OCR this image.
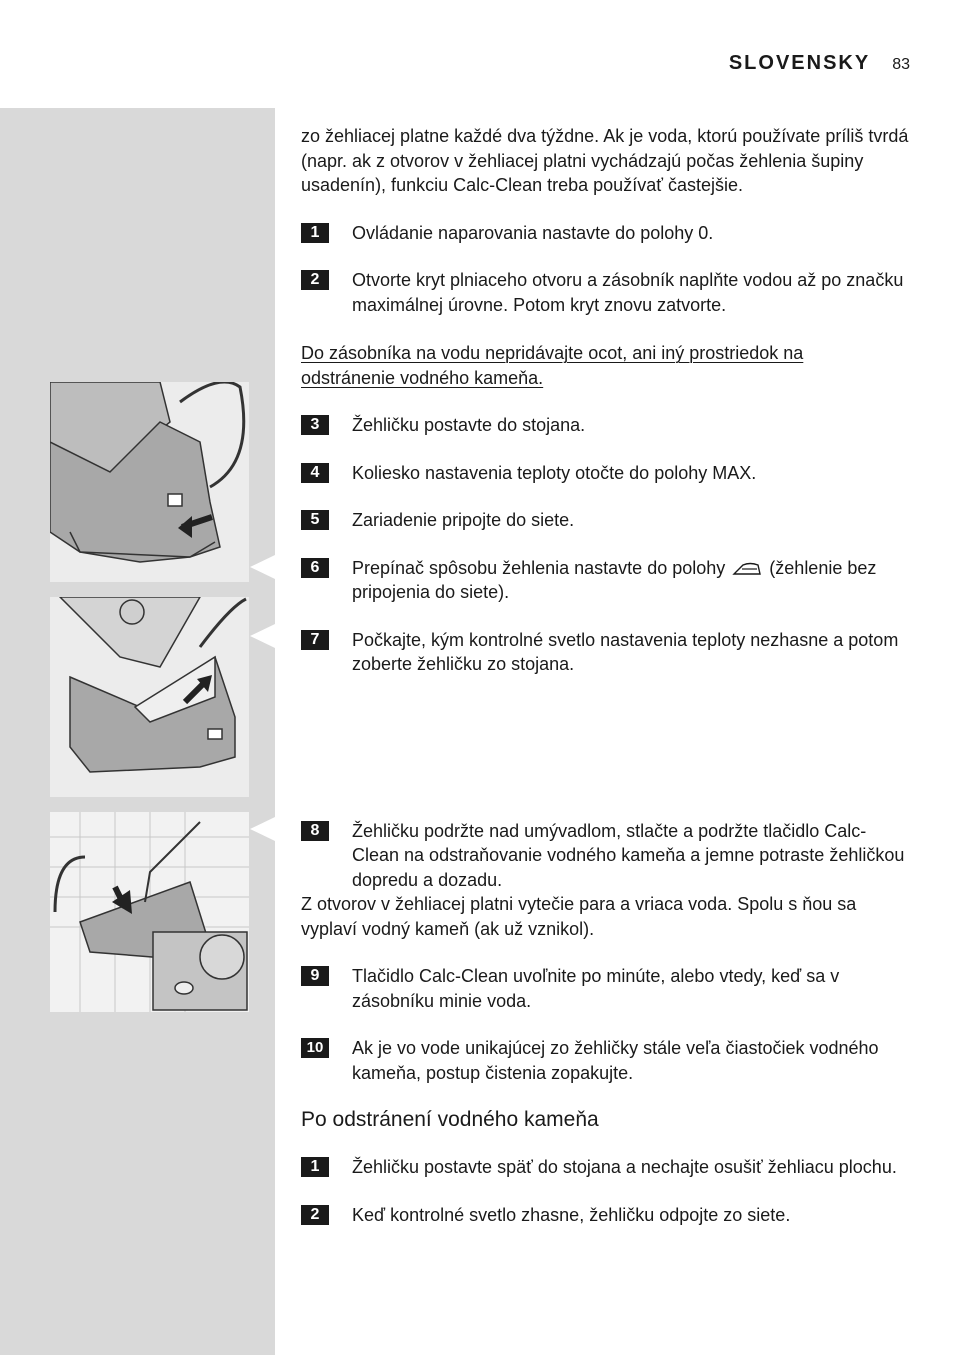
SLOVENSKY 83

zo žehliacej platne každé dva týždne. Ak je voda, ktorú používate príliš tvrdá (napr. ak z otvorov v žehliacej platni vychádzajú počas žehlenia šupiny usadenín), funkciu Calc-Clean treba používať častejšie.

1	Ovládanie naparovania nastavte do polohy 0.
2	Otvorte kryt plniaceho otvoru a zásobník naplňte vodou až po značku maximálnej úrovne. Potom kryt znovu zatvorte.

Do zásobníka na vodu nepridávajte ocot, ani iný prostriedok na odstránenie vodného kameňa.

3	Žehličku postavte do stojana.
4	Koliesko nastavenia teploty otočte do polohy MAX.
5	Zariadenie pripojte do siete.
6	Prepínač spôsobu žehlenia nastavte do polohy (žehlenie bez pripojenia do siete).
7	Počkajte, kým kontrolné svetlo nastavenia teploty nezhasne a potom zoberte žehličku zo stojana.
8	Žehličku podržte nad umývadlom, stlačte a podržte tlačidlo Calc-Clean na odstraňovanie vodného kameňa a jemne potraste žehličkou dopredu a dozadu.

Z otvorov v žehliacej platni vytečie para a vriaca voda. Spolu s ňou sa vyplaví vodný kameň (ak už vznikol).

9	Tlačidlo Calc-Clean uvoľnite po minúte, alebo vtedy, keď sa v zásobníku minie voda.
10	Ak je vo vode unikajúcej zo žehličky stále veľa čiastočiek vodného kameňa, postup čistenia zopakujte.
Po odstránení vodného kameňa
1	Žehličku postavte späť do stojana a nechajte osušiť žehliacu plochu.
2	Keď kontrolné svetlo zhasne, žehličku odpojte zo siete.
